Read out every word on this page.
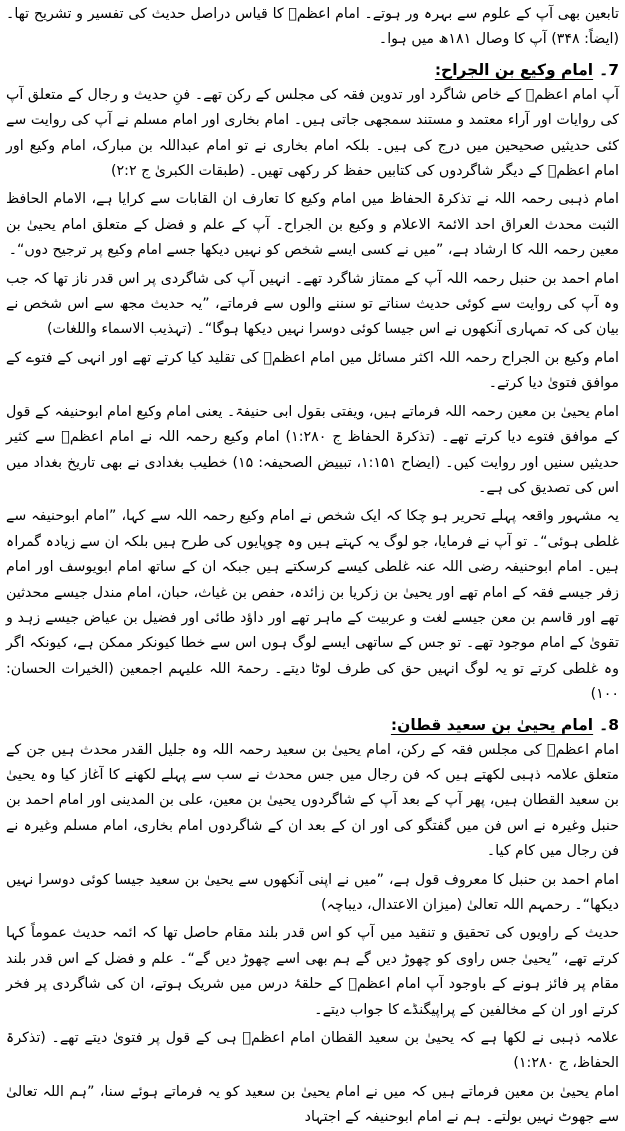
تابعین بھی آپ کے علوم سے بہرہ ور ہوتے۔ امام اعظمؒ کا قیاس دراصل حدیث کی تفسیر و تشریح تھا۔ (ایضاً: ۳۴۸) آپ کا وصال ۱۸۱ھ میں ہوا۔

7۔امام وکیع بن الجراح:

آپ امام اعظمؒ کے خاص شاگرد اور تدوین فقہ کی مجلس کے رکن تھے۔ فنِ حدیث و رجال کے متعلق آپ کی روایات اور آراء معتمد و مستند سمجھی جاتی ہیں۔ امام بخاری اور امام مسلم نے آپ کی روایت سے کئی حدیثیں صحیحین میں درج کی ہیں۔ بلکہ امام بخاری نے تو امام عبداللہ بن مبارک، امام وکیع اور امام اعظمؒ کے دیگر شاگردوں کی کتابیں حفظ کر رکھی تھیں۔ (طبقات الکبریٰ ج ۲:۲)

امام ذہبی رحمہ اللہ نے تذکرۃ الحفاظ میں امام وکیع کا تعارف ان القابات سے کرایا ہے، الامام الحافظ الثبت محدث العراق احد الائمۃ الاعلام و وکیع بن الجراح۔ آپ کے علم و فضل کے متعلق امام یحییٰ بن معین رحمہ اللہ کا ارشاد ہے، ”میں نے کسی ایسے شخص کو نہیں دیکھا جسے امام وکیع پر ترجیح دوں“۔

امام احمد بن حنبل رحمہ اللہ آپ کے ممتاز شاگرد تھے۔ انہیں آپ کی شاگردی پر اس قدر ناز تھا کہ جب وہ آپ کی روایت سے کوئی حدیث سناتے تو سننے والوں سے فرماتے، ”یہ حدیث مجھ سے اس شخص نے بیان کی کہ تمہاری آنکھوں نے اس جیسا کوئی دوسرا نہیں دیکھا ہوگا“۔ (تہذیب الاسماء واللغات)

امام وکیع بن الجراح رحمہ اللہ اکثر مسائل میں امام اعظمؒ کی تقلید کیا کرتے تھے اور انہی کے فتوے کے موافق فتویٰ دیا کرتے۔

امام یحییٰ بن معین رحمہ اللہ فرماتے ہیں، ویفتی بقول ابی حنیفۃ۔ یعنی امام وکیع امام ابوحنیفہ کے قول کے موافق فتوے دیا کرتے تھے۔ (تذکرۃ الحفاظ ج ۱:۲۸۰) امام وکیع رحمہ اللہ نے امام اعظمؒ سے کثیر حدیثیں سنیں اور روایت کیں۔ (ایضاح ۱:۱۵۱، تبییض الصحیفہ: ۱۵) خطیب بغدادی نے بھی تاریخ بغداد میں اس کی تصدیق کی ہے۔

یہ مشہور واقعہ پہلے تحریر ہو چکا کہ ایک شخص نے امام وکیع رحمہ اللہ سے کہا، ”امام ابوحنیفہ سے غلطی ہوئی“۔ تو آپ نے فرمایا، جو لوگ یہ کہتے ہیں وہ چوپایوں کی طرح ہیں بلکہ ان سے زیادہ گمراہ ہیں۔ امام ابوحنیفہ رضی اللہ عنہ غلطی کیسے کرسکتے ہیں جبکہ ان کے ساتھ امام ابویوسف اور امام زفر جیسے فقہ کے امام تھے اور یحییٰ بن زکریا بن زائدہ، حفص بن غیاث، حبان، امام مندل جیسے محدثین تھے اور قاسم بن معن جیسے لغت و عربیت کے ماہر تھے اور داؤد طائی اور فضیل بن عیاض جیسے زہد و تقویٰ کے امام موجود تھے۔ تو جس کے ساتھی ایسے لوگ ہوں اس سے خطا کیونکر ممکن ہے، کیونکہ اگر وہ غلطی کرتے تو یہ لوگ انہیں حق کی طرف لوٹا دیتے۔ رحمۃ اللہ علیہم اجمعین (الخیرات الحسان: ۱۰۰)

8۔امام یحییٰ بن سعید قطان:

امام اعظمؒ کی مجلس فقہ کے رکن، امام یحییٰ بن سعید رحمہ اللہ وہ جلیل القدر محدث ہیں جن کے متعلق علامہ ذہبی لکھتے ہیں کہ فن رجال میں جس محدث نے سب سے پہلے لکھنے کا آغاز کیا وہ یحییٰ بن سعید القطان ہیں، پھر آپ کے بعد آپ کے شاگردوں یحییٰ بن معین، علی بن المدینی اور امام احمد بن حنبل وغیرہ نے اس فن میں گفتگو کی اور ان کے بعد ان کے شاگردوں امام بخاری، امام مسلم وغیرہ نے فن رجال میں کام کیا۔

امام احمد بن حنبل کا معروف قول ہے، ”میں نے اپنی آنکھوں سے یحییٰ بن سعید جیسا کوئی دوسرا نہیں دیکھا“۔ رحمہم اللہ تعالیٰ (میزان الاعتدال، دیباچہ)

حدیث کے راویوں کی تحقیق و تنقید میں آپ کو اس قدر بلند مقام حاصل تھا کہ ائمہ حدیث عموماً کہا کرتے تھے، ”یحییٰ جس راوی کو چھوڑ دیں گے ہم بھی اسے چھوڑ دیں گے“۔ علم و فضل کے اس قدر بلند مقام پر فائز ہونے کے باوجود آپ امام اعظمؒ کے حلقۂ درس میں شریک ہوتے، ان کی شاگردی پر فخر کرتے اور ان کے مخالفین کے پراپیگنڈے کا جواب دیتے۔

علامہ ذہبی نے لکھا ہے کہ یحییٰ بن سعید القطان امام اعظمؒ ہی کے قول پر فتویٰ دیتے تھے۔ (تذکرۃ الحفاظ، ج ۱:۲۸۰)

امام یحییٰ بن معین فرماتے ہیں کہ میں نے امام یحییٰ بن سعید کو یہ فرماتے ہوئے سنا، ”ہم اللہ تعالیٰ سے جھوٹ نہیں بولتے۔ ہم نے امام ابوحنیفہ کے اجتہاد
